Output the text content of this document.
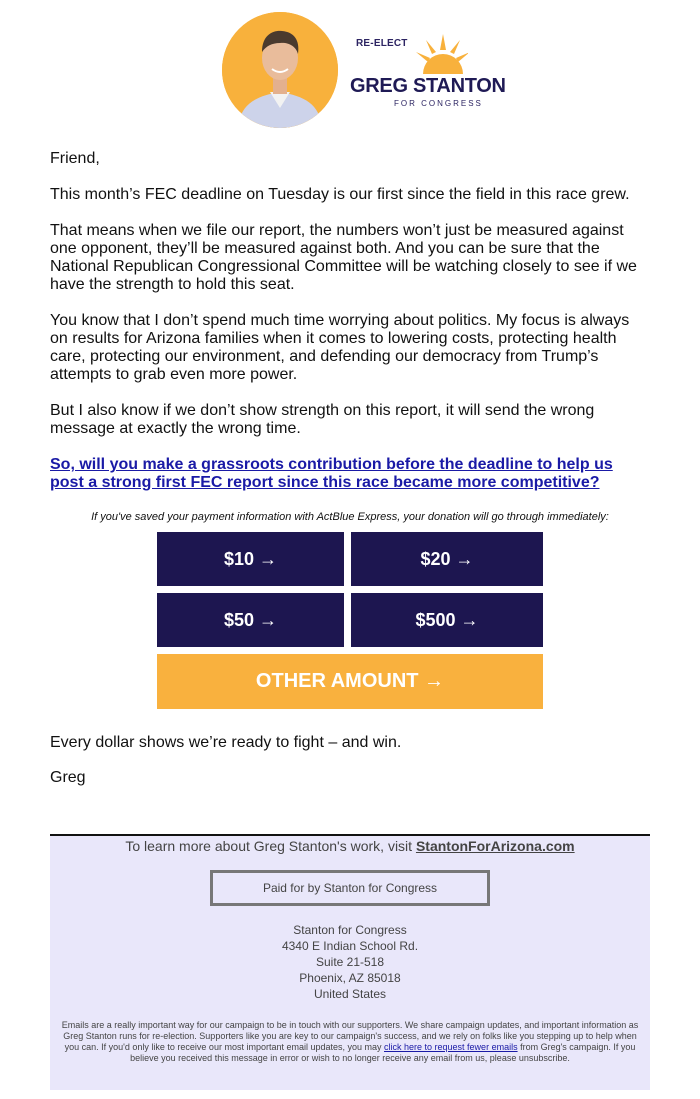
RE-ELECT
GREG STANTON
FOR CONGRESS

Friend,

This month’s FEC deadline on Tuesday is our first since the field in this race grew.

That means when we file our report, the numbers won’t just be measured against one opponent, they’ll be measured against both. And you can be sure that the National Republican Congressional Committee will be watching closely to see if we have the strength to hold this seat.

You know that I don’t spend much time worrying about politics. My focus is always on results for Arizona families when it comes to lowering costs, protecting health care, protecting our environment, and defending our democracy from Trump’s attempts to grab even more power.

But I also know if we don’t show strength on this report, it will send the wrong message at exactly the wrong time.

So, will you make a grassroots contribution before the deadline to help us post a strong first FEC report since this race became more competitive?

If you've saved your payment information with ActBlue Express, your donation will go through immediately:
$10 →	$20 →
$50 →	$500 →
OTHER AMOUNT →
Every dollar shows we’re ready to fight – and win.
Greg
To learn more about Greg Stanton's work, visit StantonForArizona.com
Paid for by Stanton for Congress
Stanton for Congress
4340 E Indian School Rd.
Suite 21-518
Phoenix, AZ 85018
United States
Emails are a really important way for our campaign to be in touch with our supporters. We share campaign updates, and important information as Greg Stanton runs for re-election. Supporters like you are key to our campaign's success, and we rely on folks like you stepping up to help when you can. If you'd only like to receive our most important email updates, you may click here to request fewer emails from Greg's campaign. If you believe you received this message in error or wish to no longer receive any email from us, please unsubscribe.
